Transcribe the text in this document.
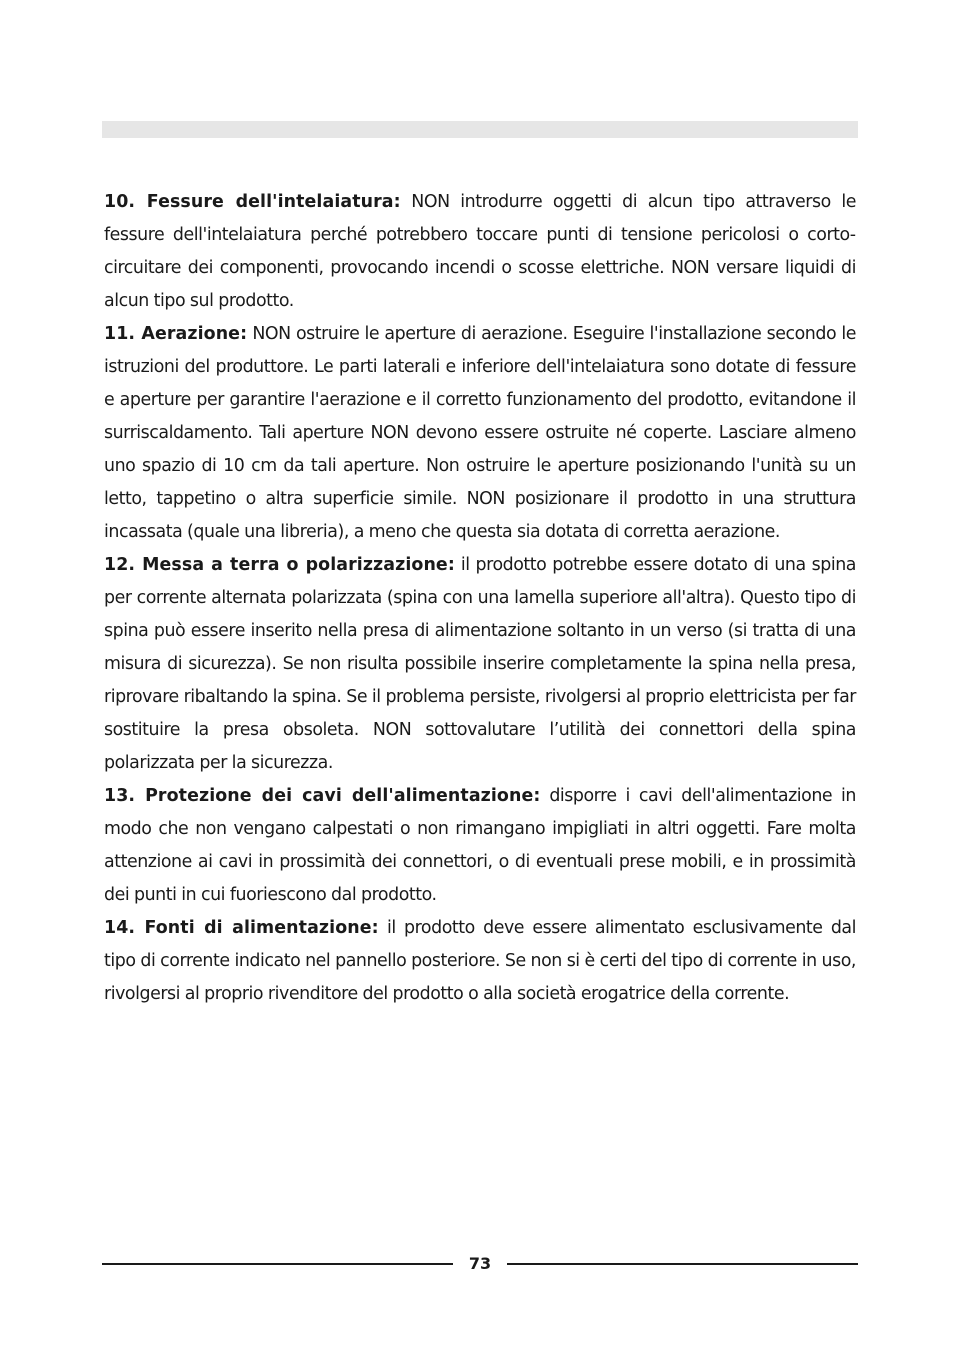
10. Fessure dell'intelaiatura: NON introdurre oggetti di alcun tipo attraverso le fessure dell'intelaiatura perché potrebbero toccare punti di tensione pericolosi o cortocircuitare dei componenti, provocando incendi o scosse elettriche. NON versare liquidi di alcun tipo sul prodotto.

11. Aerazione: NON ostruire le aperture di aerazione. Eseguire l'installazione secondo le istruzioni del produttore. Le parti laterali e inferiore dell'intelaiatura sono dotate di fessure e aperture per garantire l'aerazione e il corretto funzionamento del prodotto, evitandone il surriscaldamento. Tali aperture NON devono essere ostruite né coperte. Lasciare almeno uno spazio di 10 cm da tali aperture. Non ostruire le aperture posizionando l'unità su un letto, tappetino o altra superficie simile. NON posizionare il prodotto in una struttura incassata (quale una libreria), a meno che questa sia dotata di corretta aerazione.

12. Messa a terra o polarizzazione: il prodotto potrebbe essere dotato di una spina per corrente alternata polarizzata (spina con una lamella superiore all'altra). Questo tipo di spina può essere inserito nella presa di alimentazione soltanto in un verso (si tratta di una misura di sicurezza). Se non risulta possibile inserire completamente la spina nella presa, riprovare ribaltando la spina. Se il problema persiste, rivolgersi al proprio elettricista per far sostituire la presa obsoleta. NON sottovalutare l’utilità dei connettori della spina polarizzata per la sicurezza.

13. Protezione dei cavi dell'alimentazione: disporre i cavi dell'alimentazione in modo che non vengano calpestati o non rimangano impigliati in altri oggetti. Fare molta attenzione ai cavi in prossimità dei connettori, o di eventuali prese mobili, e in prossimità dei punti in cui fuoriescono dal prodotto.

14. Fonti di alimentazione: il prodotto deve essere alimentato esclusivamente dal tipo di corrente indicato nel pannello posteriore. Se non si è certi del tipo di corrente in uso, rivolgersi al proprio rivenditore del prodotto o alla società erogatrice della corrente.

73
